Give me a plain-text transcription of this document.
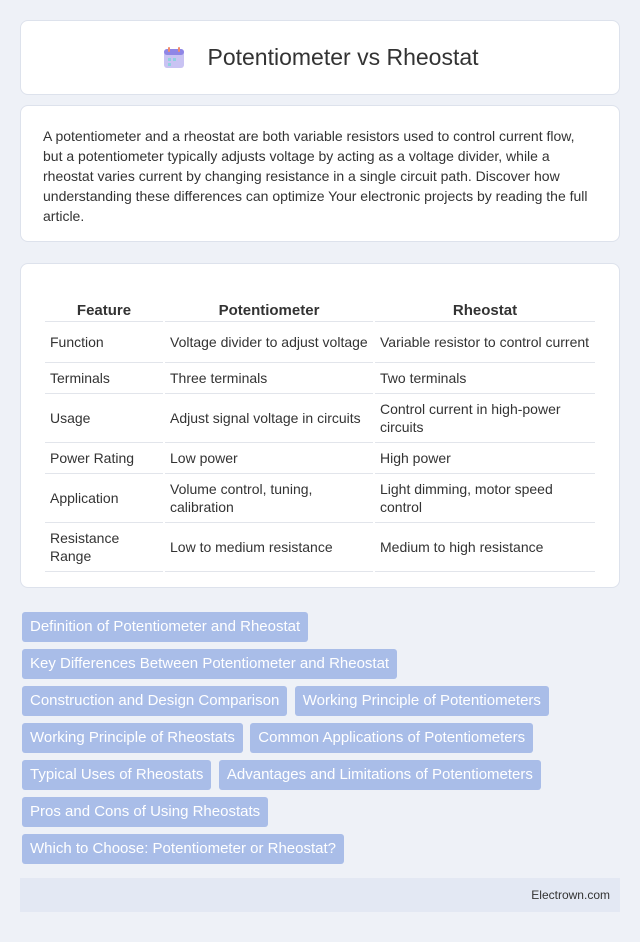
Potentiometer vs Rheostat

A potentiometer and a rheostat are both variable resistors used to control current flow, but a potentiometer typically adjusts voltage by acting as a voltage divider, while a rheostat varies current by changing resistance in a single circuit path. Discover how understanding these differences can optimize Your electronic projects by reading the full article.

Feature	Potentiometer	Rheostat
Function	Voltage divider to adjust voltage	Variable resistor to control current
Terminals	Three terminals	Two terminals
Usage	Adjust signal voltage in circuits	Control current in high-power circuits
Power Rating	Low power	High power
Application	Volume control, tuning, calibration	Light dimming, motor speed control
Resistance Range	Low to medium resistance	Medium to high resistance
Definition of Potentiometer and Rheostat
Key Differences Between Potentiometer and Rheostat
Construction and Design Comparison Working Principle of Potentiometers
Working Principle of Rheostats Common Applications of Potentiometers
Typical Uses of Rheostats Advantages and Limitations of Potentiometers
Pros and Cons of Using Rheostats
Which to Choose: Potentiometer or Rheostat?
Electrown.com
